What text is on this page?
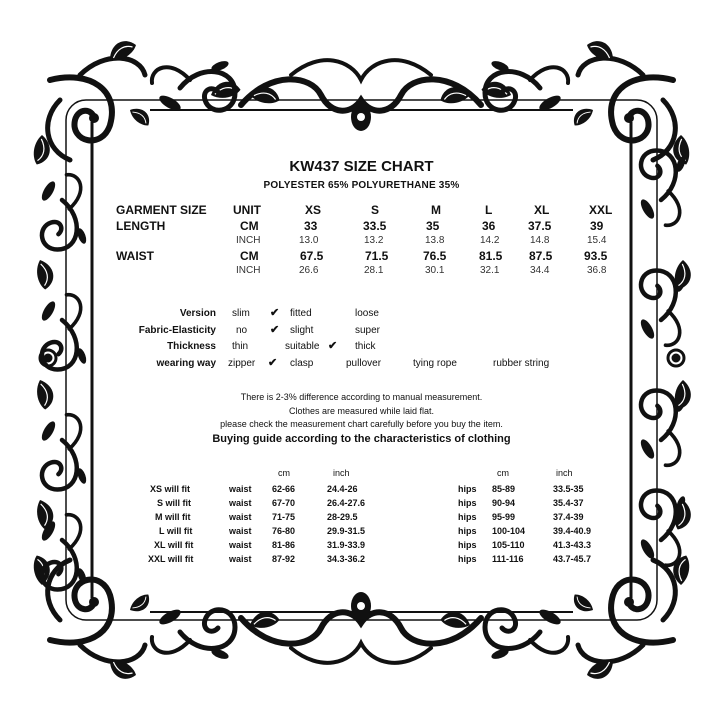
KW437 SIZE CHART
POLYESTER 65% POLYURETHANE 35%
GARMENT SIZE UNIT	XS	S	M	L	XL	XXL
LENGTH	CM	33	33.5	35	36	37.5	39
INCH	13.0	13.2	13.8	14.2	14.8	15.4
WAIST	CM	67.5	71.5	76.5	81.5 87.5	93.5
INCH	26.6	28.1	30.1	32.1	34.4	36.8
Version slim ✔ fitted	loose
Fabric-Elasticity no ✔ slight	super
Thickness thin	suitable ✔ thick
wearing way zipper ✔ clasp	pullover	tying rope	rubber string
There is 2-3% difference according to manual measurement.
Clothes are measured while laid flat.
please check the measurement chart carefully before you buy the item.
Buying guide according to the characteristics of clothing
cm	inch	cm	inch
XS will fit	waist 62-66	24.4-26	hips 85-89	33.5-35
S will fit	waist 67-70	26.4-27.6	hips 90-94	35.4-37
M will fit	waist 71-75	28-29.5	hips 95-99	37.4-39
L will fit	waist 76-80	29.9-31.5	hips 100-104	39.4-40.9
XL will fit	waist 81-86	31.9-33.9	hips 105-110	41.3-43.3
XXL will fit	waist 87-92	34.3-36.2	hips 111-116	43.7-45.7
